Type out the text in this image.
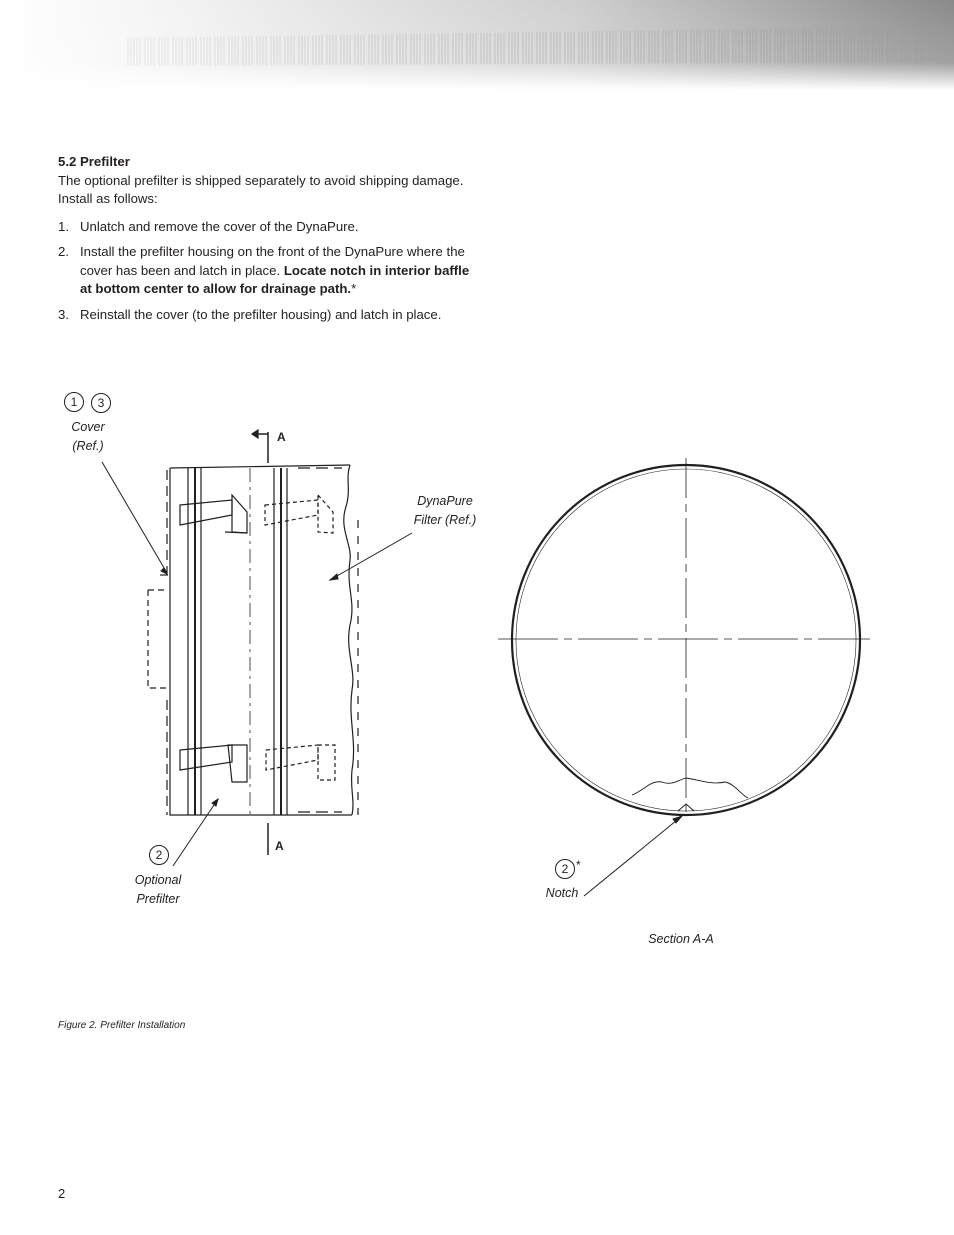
5.2 Prefilter

The optional prefilter is shipped separately to avoid shipping damage. Install as follows:

1. Unlatch and remove the cover of the DynaPure.
2. Install the prefilter housing on the front of the DynaPure where the cover has been and latch in place. Locate notch in interior baffle at bottom center to allow for drainage path.*
3. Reinstall the cover (to the prefilter housing) and latch in place.
1	3
Cover
(Ref.)
A
A
DynaPure
Filter (Ref.)
2
Optional
Prefilter
2 *
Notch
Section A-A
Figure 2. Prefilter Installation
2
